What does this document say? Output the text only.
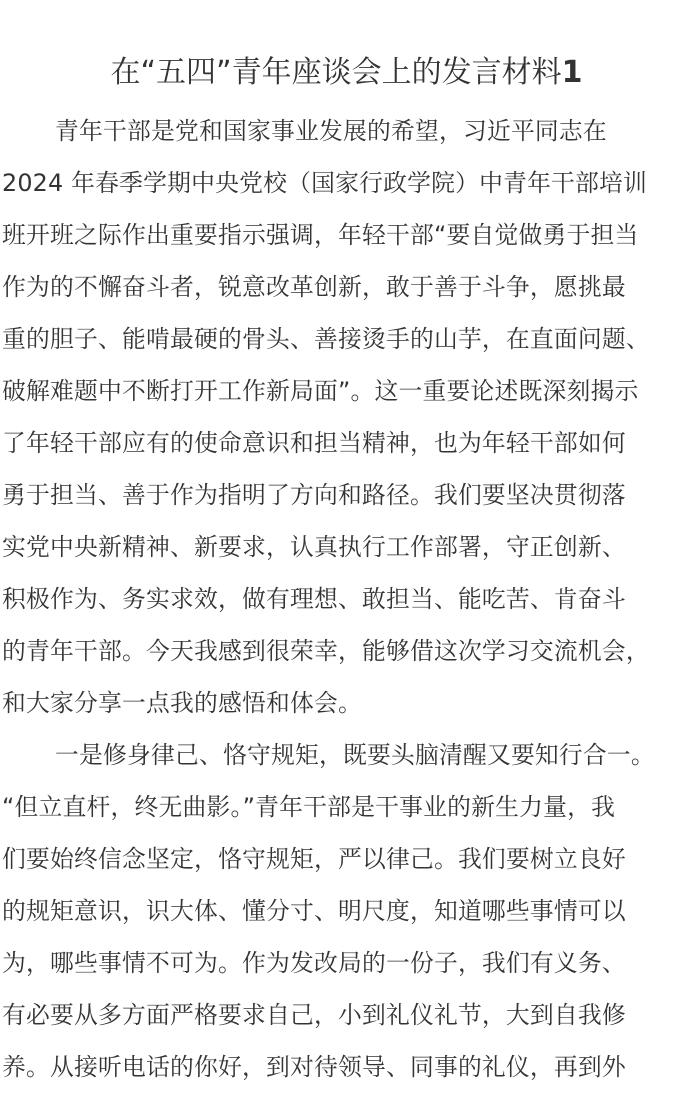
在“五四”青年座谈会上的发言材料1
青年干部是党和国家事业发展的希望，习近平同志在
2024 年春季学期中央党校（国家行政学院）中青年干部培训
班开班之际作出重要指示强调，年轻干部“要自觉做勇于担当
作为的不懈奋斗者，锐意改革创新，敢于善于斗争，愿挑最
重的胆子、能啃最硬的骨头、善接烫手的山芋，在直面问题、
破解难题中不断打开工作新局面”。这一重要论述既深刻揭示
了年轻干部应有的使命意识和担当精神，也为年轻干部如何
勇于担当、善于作为指明了方向和路径。我们要坚决贯彻落
实党中央新精神、新要求，认真执行工作部署，守正创新、
积极作为、务实求效，做有理想、敢担当、能吃苦、肯奋斗
的青年干部。今天我感到很荣幸，能够借这次学习交流机会，
和大家分享一点我的感悟和体会。
一是修身律己、恪守规矩，既要头脑清醒又要知行合一。
“但立直杆，终无曲影。”青年干部是干事业的新生力量，我
们要始终信念坚定，恪守规矩，严以律己。我们要树立良好
的规矩意识，识大体、懂分寸、明尺度，知道哪些事情可以
为，哪些事情不可为。作为发改局的一份子，我们有义务、
有必要从多方面严格要求自己，小到礼仪礼节，大到自我修
养。从接听电话的你好，到对待领导、同事的礼仪，再到外
